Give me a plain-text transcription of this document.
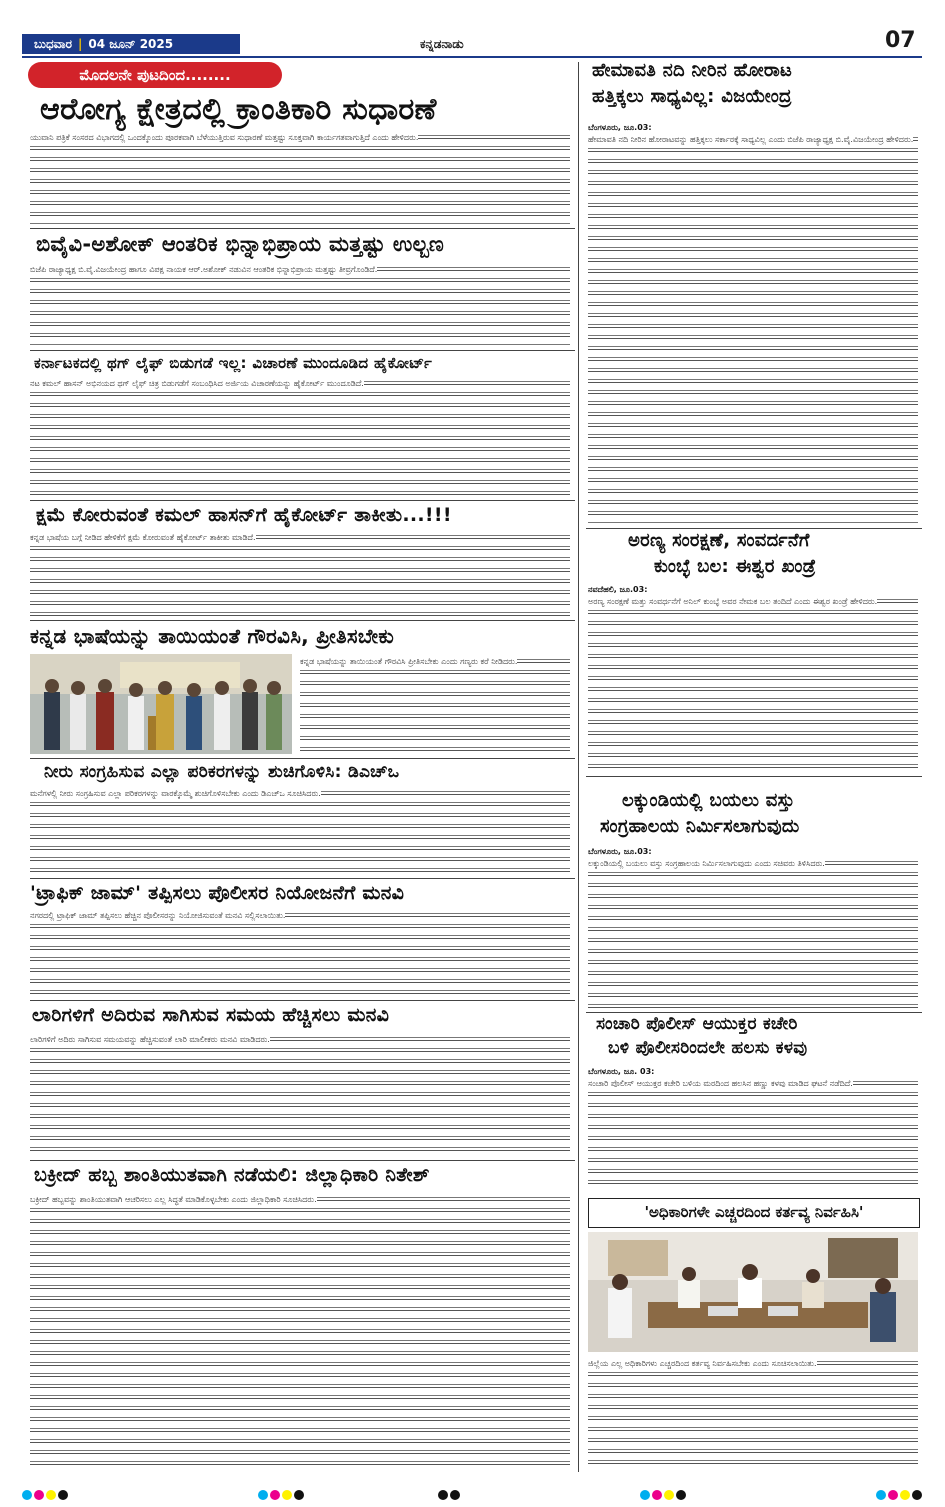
ಬುಧವಾರ | 04 ಜೂನ್ 2025	ಕನ್ನಡನಾಡು	07
ಮೊದಲನೇ ಪುಟದಿಂದ........
ಆರೋಗ್ಯ ಕ್ಷೇತ್ರದಲ್ಲಿ ಕ್ರಾಂತಿಕಾರಿ ಸುಧಾರಣೆ

ಯುವಾನಿ ಪತ್ರಿಕೆ ಸಂಸರದ ವಿಭಾಗದಲ್ಲಿ ಒಂದಕ್ಕೊಂದು ಪೂರಕವಾಗಿ ಬೆಳೆಯುತ್ತಿರುವ ಸುಧಾರಣೆ ಮತ್ತಷ್ಟು ಸೂಕ್ತವಾಗಿ ಕಾರ್ಯಗತವಾಗುತ್ತಿದೆ ಎಂದು ಹೇಳಿದರು.

ಬಿವೈವಿ-ಅಶೋಕ್ ಆಂತರಿಕ ಭಿನ್ನಾಭಿಪ್ರಾಯ ಮತ್ತಷ್ಟು ಉಲ್ಬಣ

ಬಿಜೆಪಿ ರಾಜ್ಯಾಧ್ಯಕ್ಷ ಬಿ.ವೈ.ವಿಜಯೇಂದ್ರ ಹಾಗೂ ವಿಪಕ್ಷ ನಾಯಕ ಆರ್.ಅಶೋಕ್ ನಡುವಿನ ಆಂತರಿಕ ಭಿನ್ನಾಭಿಪ್ರಾಯ ಮತ್ತಷ್ಟು ತೀವ್ರಗೊಂಡಿದೆ.

ಕರ್ನಾಟಕದಲ್ಲಿ ಥಗ್ ಲೈಫ್ ಬಿಡುಗಡೆ ಇಲ್ಲ: ವಿಚಾರಣೆ ಮುಂದೂಡಿದ ಹೈಕೋರ್ಟ್

ನಟ ಕಮಲ್ ಹಾಸನ್ ಅಭಿನಯದ ಥಗ್ ಲೈಫ್ ಚಿತ್ರ ಬಿಡುಗಡೆಗೆ ಸಂಬಂಧಿಸಿದ ಅರ್ಜಿಯ ವಿಚಾರಣೆಯನ್ನು ಹೈಕೋರ್ಟ್ ಮುಂದೂಡಿದೆ.

ಕ್ಷಮೆ ಕೋರುವಂತೆ ಕಮಲ್ ಹಾಸನ್‌ಗೆ ಹೈಕೋರ್ಟ್ ತಾಕೀತು...!!!

ಕನ್ನಡ ಭಾಷೆಯ ಬಗ್ಗೆ ನೀಡಿದ ಹೇಳಿಕೆಗೆ ಕ್ಷಮೆ ಕೋರುವಂತೆ ಹೈಕೋರ್ಟ್ ತಾಕೀತು ಮಾಡಿದೆ.

ಕನ್ನಡ ಭಾಷೆಯನ್ನು ತಾಯಿಯಂತೆ ಗೌರವಿಸಿ, ಪ್ರೀತಿಸಬೇಕು

ಕನ್ನಡ ಭಾಷೆಯನ್ನು ತಾಯಿಯಂತೆ ಗೌರವಿಸಿ ಪ್ರೀತಿಸಬೇಕು ಎಂದು ಗಣ್ಯರು ಕರೆ ನೀಡಿದರು.

ನೀರು ಸಂಗ್ರಹಿಸುವ ಎಲ್ಲಾ ಪರಿಕರಗಳನ್ನು ಶುಚಿಗೊಳಿಸಿ: ಡಿಎಚ್‌ಒ

ಮನೆಗಳಲ್ಲಿ ನೀರು ಸಂಗ್ರಹಿಸುವ ಎಲ್ಲಾ ಪರಿಕರಗಳನ್ನು ವಾರಕ್ಕೊಮ್ಮೆ ಶುಚಿಗೊಳಿಸಬೇಕು ಎಂದು ಡಿಎಚ್‌ಒ ಸೂಚಿಸಿದರು.

'ಟ್ರಾಫಿಕ್ ಜಾಮ್' ತಪ್ಪಿಸಲು ಪೊಲೀಸರ ನಿಯೋಜನೆಗೆ ಮನವಿ

ನಗರದಲ್ಲಿ ಟ್ರಾಫಿಕ್ ಜಾಮ್ ತಪ್ಪಿಸಲು ಹೆಚ್ಚಿನ ಪೊಲೀಸರನ್ನು ನಿಯೋಜಿಸುವಂತೆ ಮನವಿ ಸಲ್ಲಿಸಲಾಯಿತು.

ಲಾರಿಗಳಿಗೆ ಅದಿರುವ ಸಾಗಿಸುವ ಸಮಯ ಹೆಚ್ಚಿಸಲು ಮನವಿ

ಲಾರಿಗಳಿಗೆ ಅದಿರು ಸಾಗಿಸುವ ಸಮಯವನ್ನು ಹೆಚ್ಚಿಸುವಂತೆ ಲಾರಿ ಮಾಲೀಕರು ಮನವಿ ಮಾಡಿದರು.

ಬಕ್ರೀದ್ ಹಬ್ಬ ಶಾಂತಿಯುತವಾಗಿ ನಡೆಯಲಿ: ಜಿಲ್ಲಾಧಿಕಾರಿ ನಿತೇಶ್

ಬಕ್ರೀದ್ ಹಬ್ಬವನ್ನು ಶಾಂತಿಯುತವಾಗಿ ಆಚರಿಸಲು ಎಲ್ಲ ಸಿದ್ಧತೆ ಮಾಡಿಕೊಳ್ಳಬೇಕು ಎಂದು ಜಿಲ್ಲಾಧಿಕಾರಿ ಸೂಚಿಸಿದರು.

ಹೇಮಾವತಿ ನದಿ ನೀರಿನ ಹೋರಾಟ
ಹತ್ತಿಕ್ಕಲು ಸಾಧ್ಯವಿಲ್ಲ: ವಿಜಯೇಂದ್ರ
ಬೆಂಗಳೂರು, ಜೂ.03:

ಹೇಮಾವತಿ ನದಿ ನೀರಿನ ಹೋರಾಟವನ್ನು ಹತ್ತಿಕ್ಕಲು ಸರ್ಕಾರಕ್ಕೆ ಸಾಧ್ಯವಿಲ್ಲ ಎಂದು ಬಿಜೆಪಿ ರಾಜ್ಯಾಧ್ಯಕ್ಷ ಬಿ.ವೈ.ವಿಜಯೇಂದ್ರ ಹೇಳಿದರು.

ಅರಣ್ಯ ಸಂರಕ್ಷಣೆ, ಸಂವರ್ದನೆಗೆ
ಕುಂಬ್ಳೆ ಬಲ: ಈಶ್ವರ ಖಂಡ್ರೆ
ನವದೆಹಲಿ, ಜೂ.03:

ಅರಣ್ಯ ಸಂರಕ್ಷಣೆ ಮತ್ತು ಸಂವರ್ಧನೆಗೆ ಅನಿಲ್ ಕುಂಬ್ಳೆ ಅವರ ನೇಮಕ ಬಲ ತಂದಿದೆ ಎಂದು ಈಶ್ವರ ಖಂಡ್ರೆ ಹೇಳಿದರು.

ಲಕ್ಕುಂಡಿಯಲ್ಲಿ ಬಯಲು ವಸ್ತು
ಸಂಗ್ರಹಾಲಯ ನಿರ್ಮಿಸಲಾಗುವುದು
ಬೆಂಗಳೂರು, ಜೂ.03:

ಲಕ್ಕುಂಡಿಯಲ್ಲಿ ಬಯಲು ವಸ್ತು ಸಂಗ್ರಹಾಲಯ ನಿರ್ಮಿಸಲಾಗುವುದು ಎಂದು ಸಚಿವರು ತಿಳಿಸಿದರು.

ಸಂಚಾರಿ ಪೊಲೀಸ್ ಆಯುಕ್ತರ ಕಚೇರಿ
ಬಳಿ ಪೊಲೀಸರಿಂದಲೇ ಹಲಸು ಕಳವು
ಬೆಂಗಳೂರು, ಜೂ. 03:

ಸಂಚಾರಿ ಪೊಲೀಸ್ ಆಯುಕ್ತರ ಕಚೇರಿ ಬಳಿಯ ಮರದಿಂದ ಹಲಸಿನ ಹಣ್ಣು ಕಳವು ಮಾಡಿದ ಘಟನೆ ನಡೆದಿದೆ.

'ಅಧಿಕಾರಿಗಳೇ ಎಚ್ಚರದಿಂದ ಕರ್ತವ್ಯ ನಿರ್ವಹಿಸಿ'

ಜಿಲ್ಲೆಯ ಎಲ್ಲ ಅಧಿಕಾರಿಗಳು ಎಚ್ಚರದಿಂದ ಕರ್ತವ್ಯ ನಿರ್ವಹಿಸಬೇಕು ಎಂದು ಸೂಚಿಸಲಾಯಿತು.
